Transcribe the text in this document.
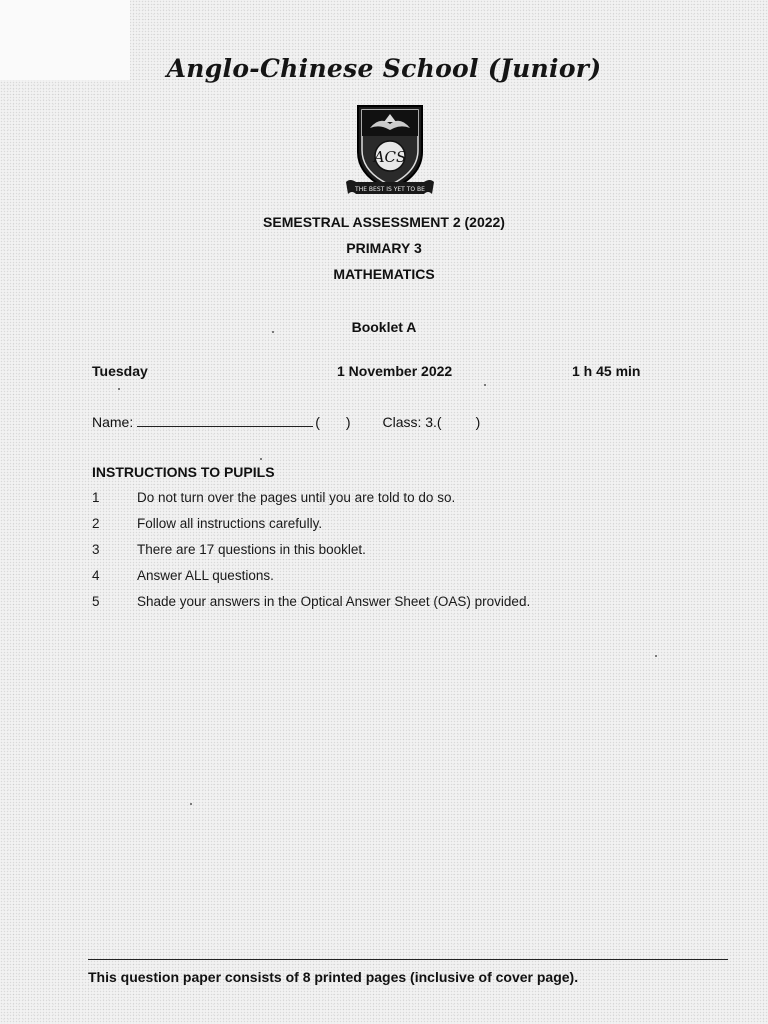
Anglo-Chinese School (Junior)
ACS
THE BEST IS YET TO BE
SEMESTRAL ASSESSMENT 2 (2022)
PRIMARY 3
MATHEMATICS
Booklet A
Tuesday	1 November 2022	1 h 45 min
Name:	( ) Class: 3.( )
INSTRUCTIONS TO PUPILS
1	Do not turn over the pages until you are told to do so.
2	Follow all instructions carefully.
3	There are 17 questions in this booklet.
4	Answer ALL questions.
5	Shade your answers in the Optical Answer Sheet (OAS) provided.
This question paper consists of 8 printed pages (inclusive of cover page).
